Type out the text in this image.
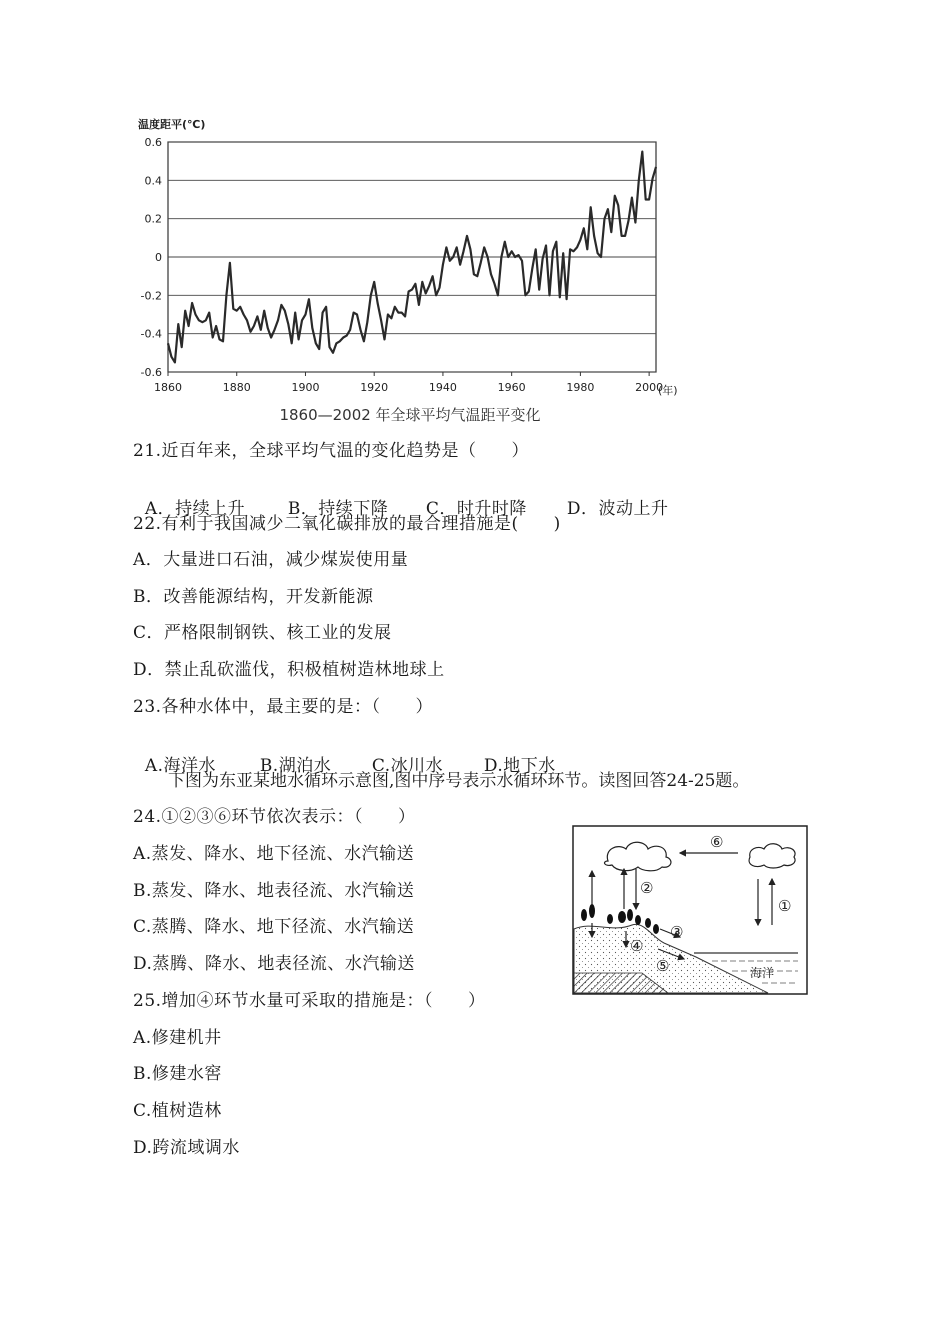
温度距平(℃)
0.6
0.4
0.2
0
-0.2
-0.4
-0.6
1860	1880	1900	1920	1940	1960	1980	2000
(年)
1860—2002 年全球平均气温距平变化
21.近百年来，全球平均气温的变化趋势是（　　）

A．持续上升	B．持续下降 C．时升时降 D．波动上升

22.有利于我国减少二氧化碳排放的最合理措施是(　　)
A．大量进口石油，减少煤炭使用量
B．改善能源结构，开发新能源
C．严格限制钢铁、核工业的发展
D．禁止乱砍滥伐，积极植树造林地球上
23.各种水体中，最主要的是：（　　）

A.海洋水	B.湖泊水 C.冰川水 D.地下水

下图为东亚某地水循环示意图,图中序号表示水循环环节。读图回答24-25题。
24.①②③⑥环节依次表示：（　　）
A.蒸发、降水、地下径流、水汽输送
B.蒸发、降水、地表径流、水汽输送
C.蒸腾、降水、地下径流、水汽输送
D.蒸腾、降水、地表径流、水汽输送
25.增加④环节水量可采取的措施是：（　　）
A.修建机井
B.修建水窖
C.植树造林
D.跨流域调水
海洋
⑥
①
②
③
④
⑤
